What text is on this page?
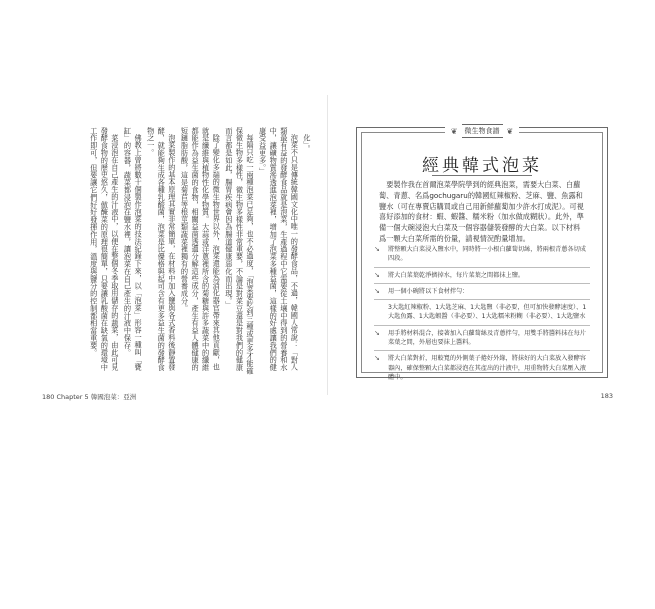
化」。

泡菜不只是傳統韓國文化中唯一的發酵食品，不過，韓國人常說：「對人類最有益的發酵食品就是泡菜，生產過程中它需要從土壤中得到的營養和水中，讓礦物質滲透進泡菜裡，增加了泡菜多種益菌，這樣的好處讓我們的健康受益更多。」

每隔只吃一兩種泡菜已足夠，也不必過度，「泡菜要吃到三種或更多才能確保微生物多樣性，微生物多樣性非常重要，不論是對菜豆還是對我們的健康而言都是如此，腸胃疾病會因為腸道健康惡化而出現。」

除了變化多端的微生物世界以外，泡菜還能為消化器官帶來其他貢獻，也就是纖維與植物性化學物質。大蒜或洋蔥裡所含的菊糖與許多蔬菜中的纖維都能作為益生菌的食物，相關益菌透過分解這些成分，產生有益人體健康的短鏈脂肪酸，這是菊苣等根莖類蔬菜裡獨有的營養成分。

泡菜製作的基本原理其實非常簡單，在材料中加入鹽與各式香料後靜置發酵，就能夠生成各種乳酸菌，泡菜是比優格與起司含有更多益生菌的發酵食物之一。

佛教上曾將數十個製作泡菜的技法紀錄下來，以「泡菜」形容一種叫「甕缸」的容器，蔬菜都浸泡在鹽水裡，讓泡菜在自己產生的汁液中保存。

菜浸泡在自己產生的汁液中，以便在整個冬季取用儲存的蔬菜，由此可見發酵食物的歷史悠久，做醃菜的原理很簡單，只要讓乳酸菌在缺氧的環境中工作即可，但要讓它們好好發揮作用，溫度與鹽分的控制都相當重要。

180 Chapter 5 韓國泡菜：亞洲	183
❦	微生物食譜 ❦
經典韓式泡菜

要製作我在首爾泡菜學院學到的經典泡菜，需要大白菜、白蘿蔔、青蔥、名爲gochugaru的韓國紅辣椒粉、芝麻、鹽、魚露和鹽水（可在專賣店購買或自己用新鮮蘿蔔加少許水打成泥）。可視喜好添加的食材：蝦、蝦醬、糯米粉（加水做成糊狀）。此外，準備一個大碗浸泡大白菜及一個容器儲裝發酵的大白菜。以下材料爲一顆大白菜所需的份量，請視情況酌量增加。

↘	將整顆大白菜浸入鹽水中，同時將一小根白蘿蔔切絲，將兩根青蔥各切成四段。
↘	將大白菜葉乾淨擠掉水，每片菜葉之間都抹上鹽。
↘	用一個小碗將以下食材拌勻：
3大匙紅辣椒粉、1大匙芝麻、1大匙鹽（非必要，但可加快發酵速度）、1大匙魚露、1大匙蝦醬（非必要）、1大匙糯米粉糊（非必要）、1大匙鹽水
↘	用手將材料混合，接著加入白蘿蔔絲及青蔥拌勻，用雙手將醬料抹在每片菜葉之間，外層也要抹上醬料。
↘	將大白菜對折，用較寬的外側葉子捲好外緣，將抹好的大白菜放入發酵容器內，確保整顆大白菜都浸泡在其產出的汁液中，用重物將大白菜壓入液體中。
